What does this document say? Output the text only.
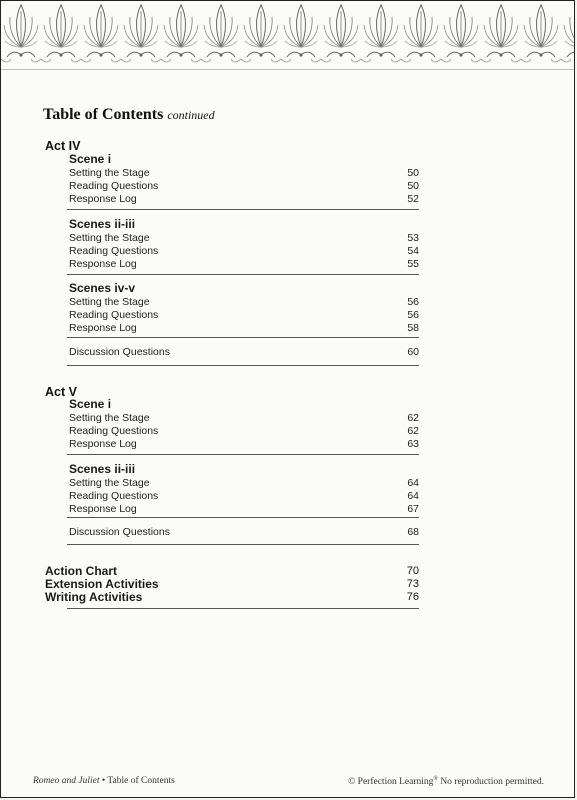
Table of Contents continued
Act IV
Scene i
Setting the Stage	50
Reading Questions	50
Response Log	52
Scenes ii-iii
Setting the Stage	53
Reading Questions	54
Response Log	55
Scenes iv-v
Setting the Stage	56
Reading Questions	56
Response Log	58
Discussion Questions	60
Act V
Scene i
Setting the Stage	62
Reading Questions	62
Response Log	63
Scenes ii-iii
Setting the Stage	64
Reading Questions	64
Response Log	67
Discussion Questions	68
Action Chart	70
Extension Activities	73
Writing Activities	76
Romeo and Juliet • Table of Contents	© Perfection Learning® No reproduction permitted.
